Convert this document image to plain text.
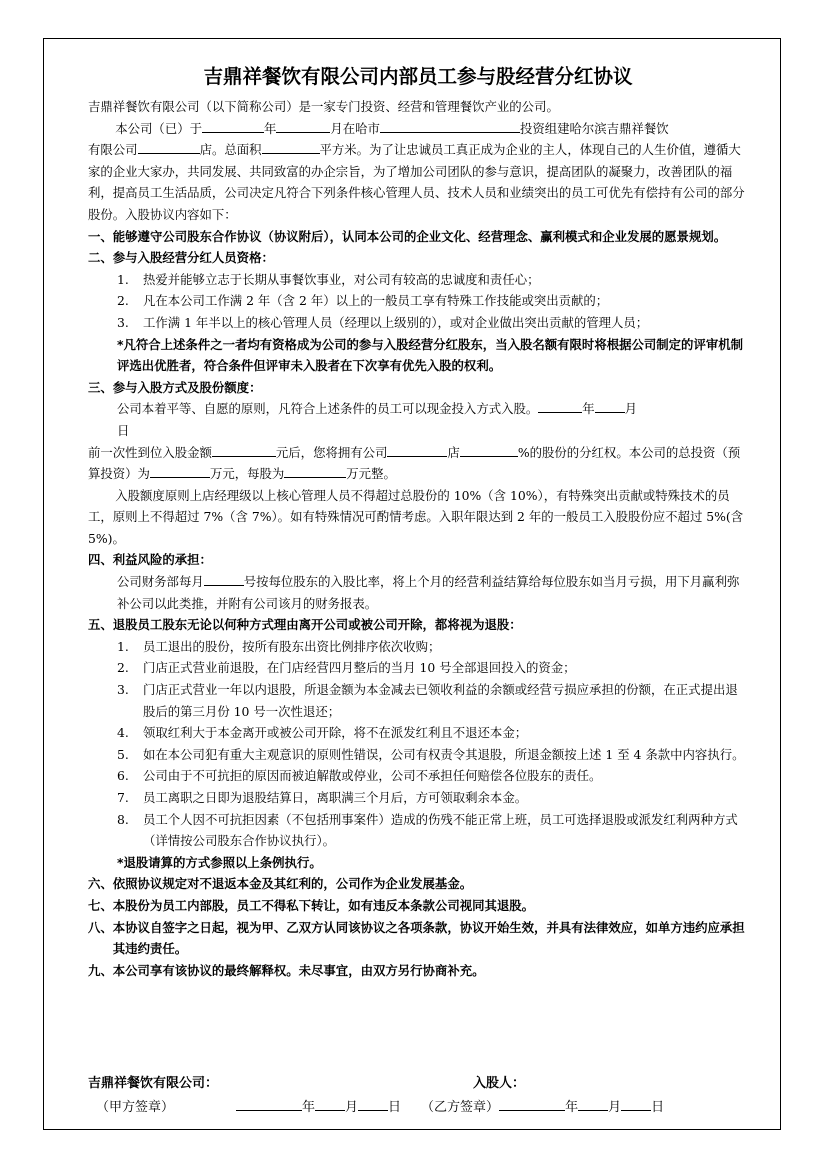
吉鼎祥餐饮有限公司内部员工参与股经营分红协议

吉鼎祥餐饮有限公司（以下简称公司）是一家专门投资、经营和管理餐饮产业的公司。

本公司（已）于	年	月在哈市	投资组建哈尔滨吉鼎祥餐饮

有限公司	店。总面积	平方米。为了让忠诚员工真正成为企业的主人，体现自己的人生价值，遵循大家的企业大家办，共同发展、共同致富的办企宗旨，为了增加公司团队的参与意识，提高团队的凝聚力，改善团队的福利，提高员工生活品质，公司决定凡符合下列条件核心管理人员、技术人员和业绩突出的员工可优先有偿持有公司的部分股份。入股协议内容如下：

一、能够遵守公司股东合作协议（协议附后），认同本公司的企业文化、经营理念、赢利模式和企业发展的愿景规划。

二、参与入股经营分红人员资格：

1. 热爱并能够立志于长期从事餐饮事业，对公司有较高的忠诚度和责任心；

2. 凡在本公司工作满 2 年（含 2 年）以上的一般员工享有特殊工作技能或突出贡献的；

3. 工作满 1 年半以上的核心管理人员（经理以上级别的），或对企业做出突出贡献的管理人员；

*凡符合上述条件之一者均有资格成为公司的参与入股经营分红股东，当入股名额有限时将根据公司制定的评审机制评选出优胜者，符合条件但评审未入股者在下次享有优先入股的权利。

三、参与入股方式及股份额度：

公司本着平等、自愿的原则，凡符合上述条件的员工可以现金投入方式入股。	年 月
日

前一次性到位入股金额	元后，您将拥有公司	店	%的股份的分红权。本公司的总投资（预算投资）为	万元，每股为	万元整。

入股额度原则上店经理级以上核心管理人员不得超过总股份的 10%（含 10%），有特殊突出贡献或特殊技术的员工，原则上不得超过 7%（含 7%）。如有特殊情况可酌情考虑。入职年限达到 2 年的一般员工入股股份应不超过 5%(含 5%)。

四、利益风险的承担：

公司财务部每月	号按每位股东的入股比率，将上个月的经营利益结算给每位股东如当月亏损，用下月赢利弥补公司以此类推，并附有公司该月的财务报表。

五、退股员工股东无论以何种方式理由离开公司或被公司开除，都将视为退股：

1. 员工退出的股份，按所有股东出资比例排序依次收购；

2. 门店正式营业前退股，在门店经营四月整后的当月 10 号全部退回投入的资金；

3. 门店正式营业一年以内退股，所退金额为本金减去已领收利益的余额或经营亏损应承担的份额，在正式提出退股后的第三月份 10 号一次性退还；

4. 领取红利大于本金离开或被公司开除，将不在派发红利且不退还本金；

5. 如在本公司犯有重大主观意识的原则性错误，公司有权责令其退股，所退金额按上述 1 至 4 条款中内容执行。

6. 公司由于不可抗拒的原因而被迫解散或停业，公司不承担任何赔偿各位股东的责任。

7. 员工离职之日即为退股结算日，离职满三个月后，方可领取剩余本金。

8. 员工个人因不可抗拒因素（不包括刑事案件）造成的伤残不能正常上班，员工可选择退股或派发红利两种方式（详情按公司股东合作协议执行）。

*退股请算的方式参照以上条例执行。

六、依照协议规定对不退返本金及其红利的，公司作为企业发展基金。

七、本股份为员工内部股，员工不得私下转让，如有违反本条款公司视同其退股。

八、本协议自签字之日起，视为甲、乙双方认同该协议之各项条款，协议开始生效，并具有法律效应，如单方违约应承担其违约责任。

九、本公司享有该协议的最终解释权。未尽事宜，由双方另行协商补充。

吉鼎祥餐饮有限公司：	入股人：
（甲方签章）	年 月 日 （乙方签章）	年 月 日
